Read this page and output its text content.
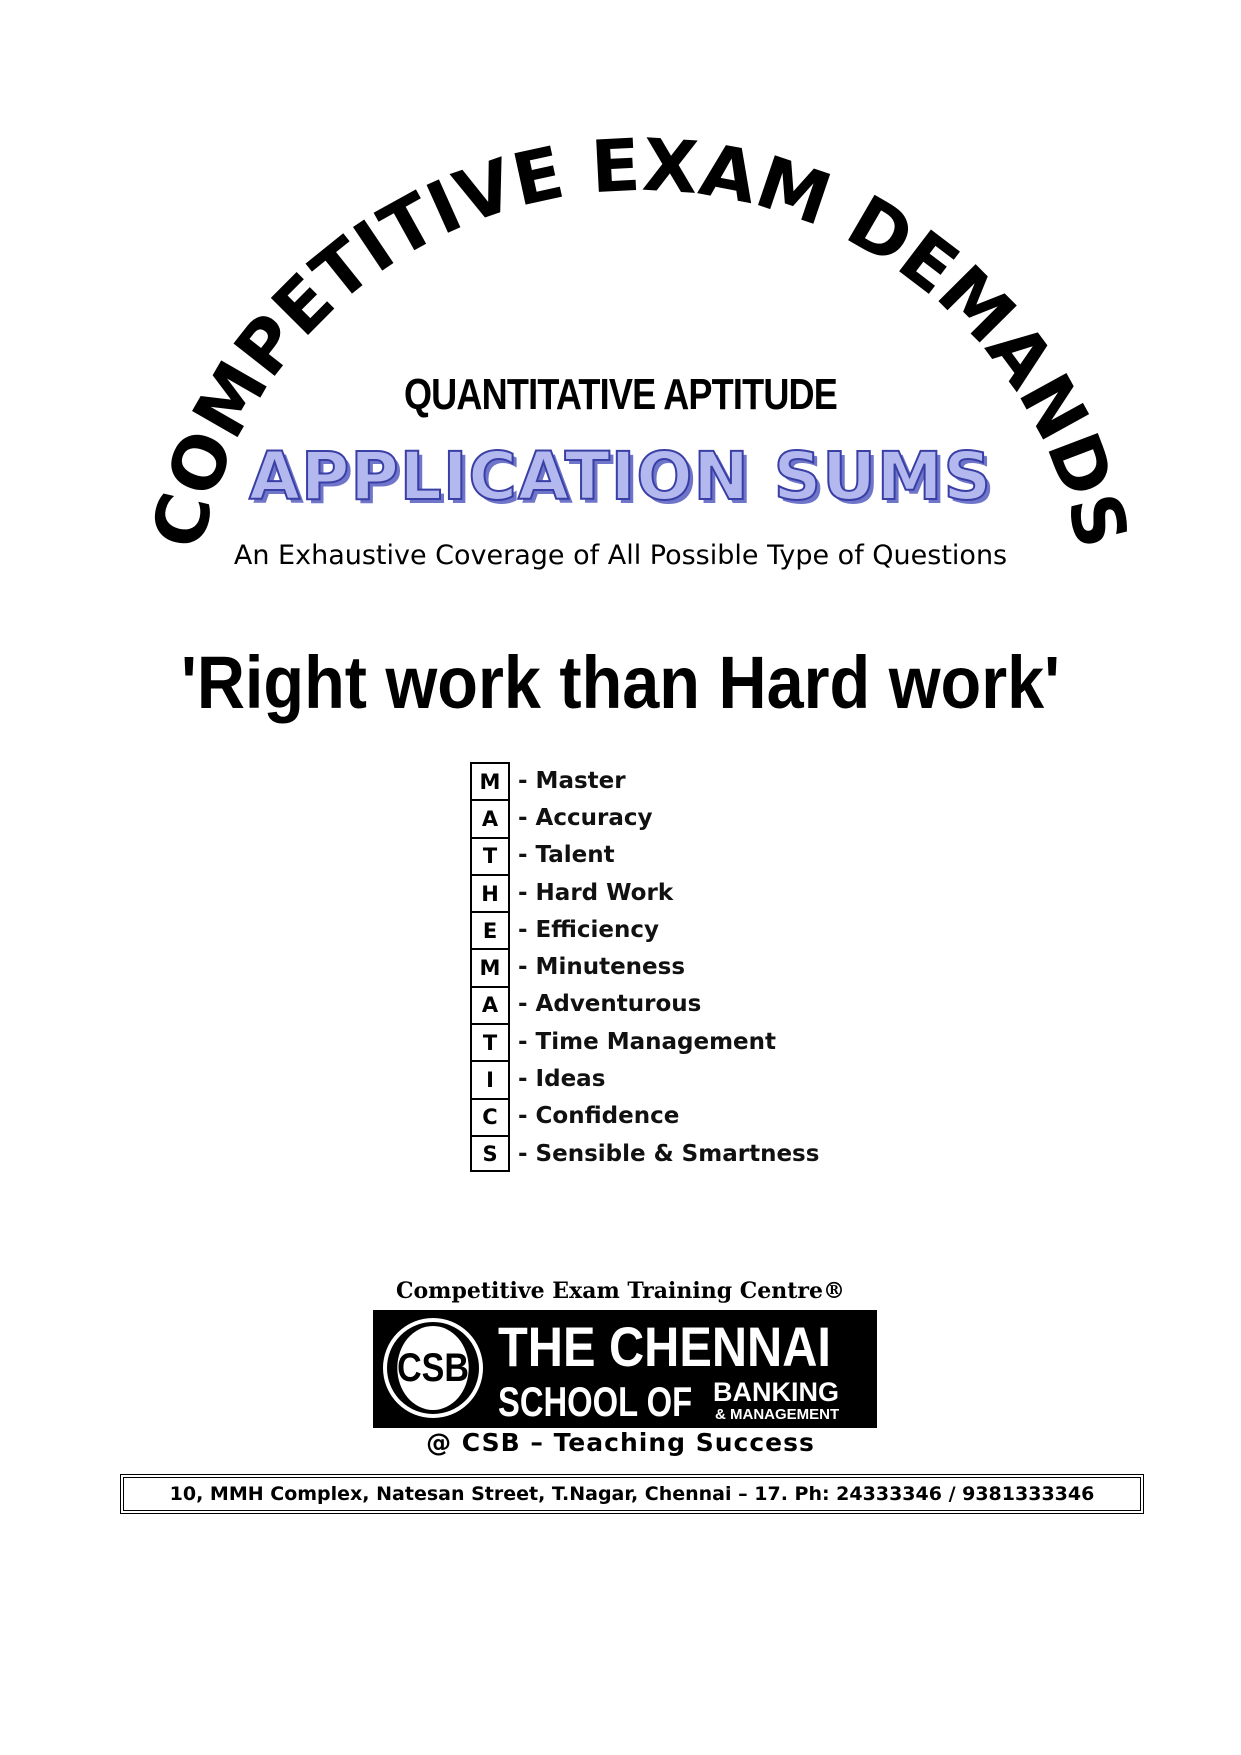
COMPETITIVE EXAM DEMANDS
QUANTITATIVE APTITUDE
APPLICATION SUMS
An Exhaustive Coverage of All Possible Type of Questions
'Right work than Hard work'
M - Master
A - Accuracy
T - Talent
H - Hard Work
E - Efficiency
M - Minuteness
A - Adventurous
T - Time Management
I	- Ideas
C - Confidence
S - Sensible & Smartness
Competitive Exam Training Centre®
CSB THE CHENNAI
SCHOOL OF BANKING
& MANAGEMENT
@ CSB – Teaching Success
10, MMH Complex, Natesan Street, T.Nagar, Chennai – 17. Ph: 24333346 / 9381333346
